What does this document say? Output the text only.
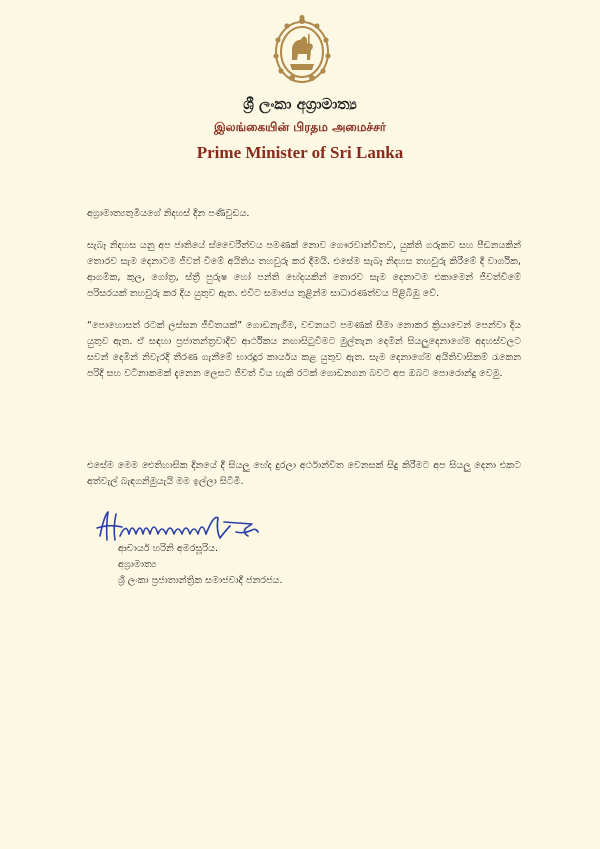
ශ්‍රී ලංකා අග්‍රාමාත්‍ය
இலங்கையின் பிரதம அமைச்சர்
Prime Minister of Sri Lanka

අග්‍රාමාත්‍යතුමියගේ නිදහස් දින පණිවුඩය.

සැබෑ නිදහස යනු අප ජාතියේ ස්වෛරීත්වය පමණක් නොව ගෞරවාන්විතව, යුක්ති ගරුකව සහ පීඩනයකින් තොරව සැම දෙනාටම ජීවත් වීමේ අයිතිය තහවුරු කර දීමයි. එසේම සැබෑ නිදහස තහවුරු කිරීමේ දී වාර්ගික, ආගමික, කුල, ගෝත්‍ර, ස්ත්‍රී පුරුෂ හෝ පන්ති භේදයකින් තොරව සැම දෙනාටම එකාමෙන් ජීවත්වීමේ පරිසරයක් තහවුරු කර දිය යුතුව ඇත. එවිට සමාජය තුළින්ම සාධාරණත්වය පිළිබිඹු වේ.

“පොහොසත් රටක් ලස්සන ජීවිතයක්” ගොඩනැගීම, වචනයට පමණක් සීමා නොකර ක්‍රියාවෙන් පෙන්වා දිය යුතුව ඇත. ඒ සඳහා ප්‍රජාතන්ත්‍රවාදීව ආර්ථිකය නඟාසිටුවීමට මුල්තැන දෙමින් සියලුදෙනාගේම අදහස්වලට සවන් දෙමින් නිවැරදි තීරණ ගැනීමේ භාරදූර කාර්යය කළ යුතුව ඇත. සැම දෙනාගේම අයිතිවාසිකම් රැකෙන පරිදි සහ වටිනාකමක් දැනෙන ලෙසට ජීවත් විය හැකි රටක් ගොඩනගන බවට අප ඔබට පොරොන්දු වෙමු.

එසේම මෙම ඓතිහාසික දිනයේ දී සියලු භේද දුරලා අර්ථාන්විත වෙනසක් සිදු කිරීමට අප සියලු දෙනා එකට අත්වැල් බැඳගනිමුයැයි මම ඉල්ලා සිටිමි.

ආචාර්ය හරිනි අමරසූරිය.
අග්‍රාමාත්‍ය
ශ්‍රී ලංකා ප්‍රජාතාන්ත්‍රික සමාජවාදී ජනරජය.
